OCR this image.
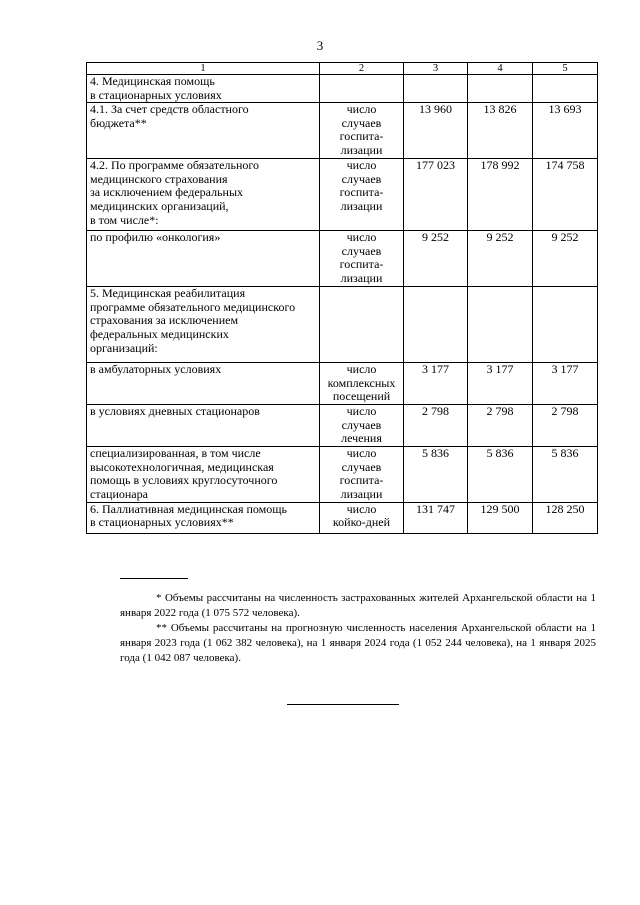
3
1	2	3	4	5
4. Медицинская помощь
в стационарных условиях				
4.1. За счет средств областного
бюджета**	число
случаев
госпита-
лизации	13 960	13 826	13 693
4.2. По программе обязательного
медицинского страхования
за исключением федеральных
медицинских организаций,
в том числе*:	число
случаев
госпита-
лизации	177 023	178 992	174 758
по профилю «онкология»	число
случаев
госпита-
лизации	9 252	9 252	9 252
5. Медицинская реабилитация
программе обязательного медицинского
страхования за исключением
федеральных медицинских
организаций:				
в амбулаторных условиях	число
комплексных
посещений	3 177	3 177	3 177
в условиях дневных стационаров	число
случаев
лечения	2 798	2 798	2 798
специализированная, в том числе
высокотехнологичная, медицинская
помощь в условиях круглосуточного
стационара	число
случаев
госпита-
лизации	5 836	5 836	5 836
6. Паллиативная медицинская помощь
в стационарных условиях**	число
койко-дней	131 747	129 500	128 250

* Объемы рассчитаны на численность застрахованных жителей Архангельской области на 1 января 2022 года (1 075 572 человека).

** Объемы рассчитаны на прогнозную численность населения Архангельской области на 1 января 2023 года (1 062 382 человека), на 1 января 2024 года (1 052 244 человека), на 1 января 2025 года (1 042 087 человека).
